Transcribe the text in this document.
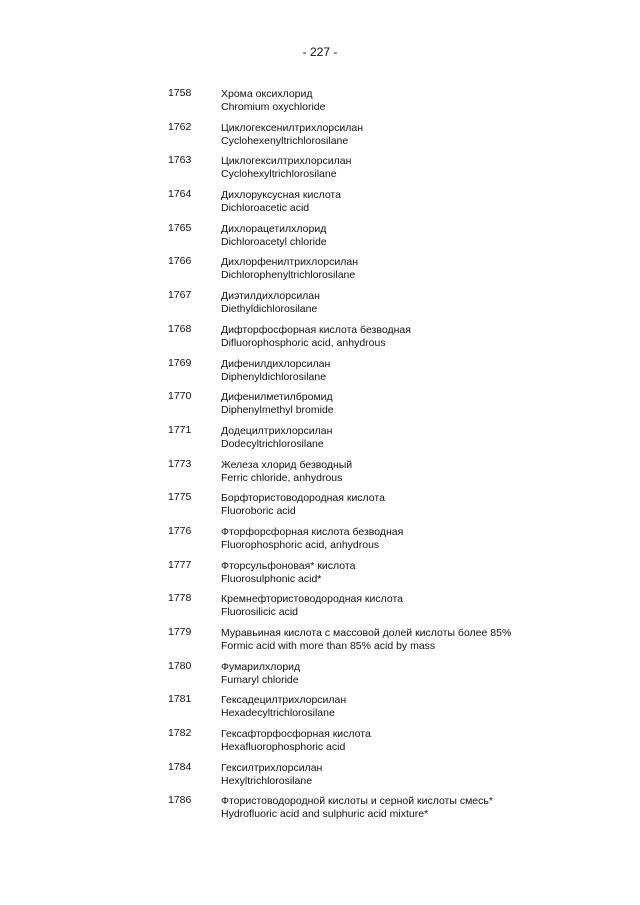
- 227 -
1758	Хрома оксихлорид
Chromium oxychloride
1762	Циклогексенилтрихлорсилан
Cyclohexenyltrichlorosilane
1763	Циклогексилтрихлорсилан
Cyclohexyltrichlorosilane
1764	Дихлоруксусная кислота
Dichloroacetic acid
1765	Дихлорацетилхлорид
Dichloroacetyl chloride
1766	Дихлорфенилтрихлорсилан
Dichlorophenyltrichlorosilane
1767	Диэтилдихлорсилан
Diethyldichlorosilane
1768	Дифторфосфорная кислота безводная
Difluorophosphoric acid, anhydrous
1769	Дифенилдихлорсилан
Diphenyldichlorosilane
1770	Дифенилметилбромид
Diphenylmethyl bromide
1771	Додецилтрихлорсилан
Dodecyltrichlorosilane
1773	Железа хлорид безводный
Ferric chloride, anhydrous
1775	Борфтористоводородная кислота
Fluoroboric acid
1776	Фторфорсфорная кислота безводная
Fluorophosphoric acid, anhydrous
1777	Фторсульфоновая* кислота
Fluorosulphonic acid*
1778	Кремнефтористоводородная кислота
Fluorosilicic acid
1779	Муравьиная кислота с массовой долей кислоты более 85%
Formic acid with more than 85% acid by mass
1780	Фумарилхлорид
Fumaryl chloride
1781	Гексадецилтрихлорсилан
Hexadecyltrichlorosilane
1782	Гексафторфосфорная кислота
Hexafluorophosphoric acid
1784	Гексилтрихлорсилан
Hexyltrichlorosilane
1786	Фтористоводородной кислоты и серной кислоты смесь*
Hydrofluoric acid and sulphuric acid mixture*
